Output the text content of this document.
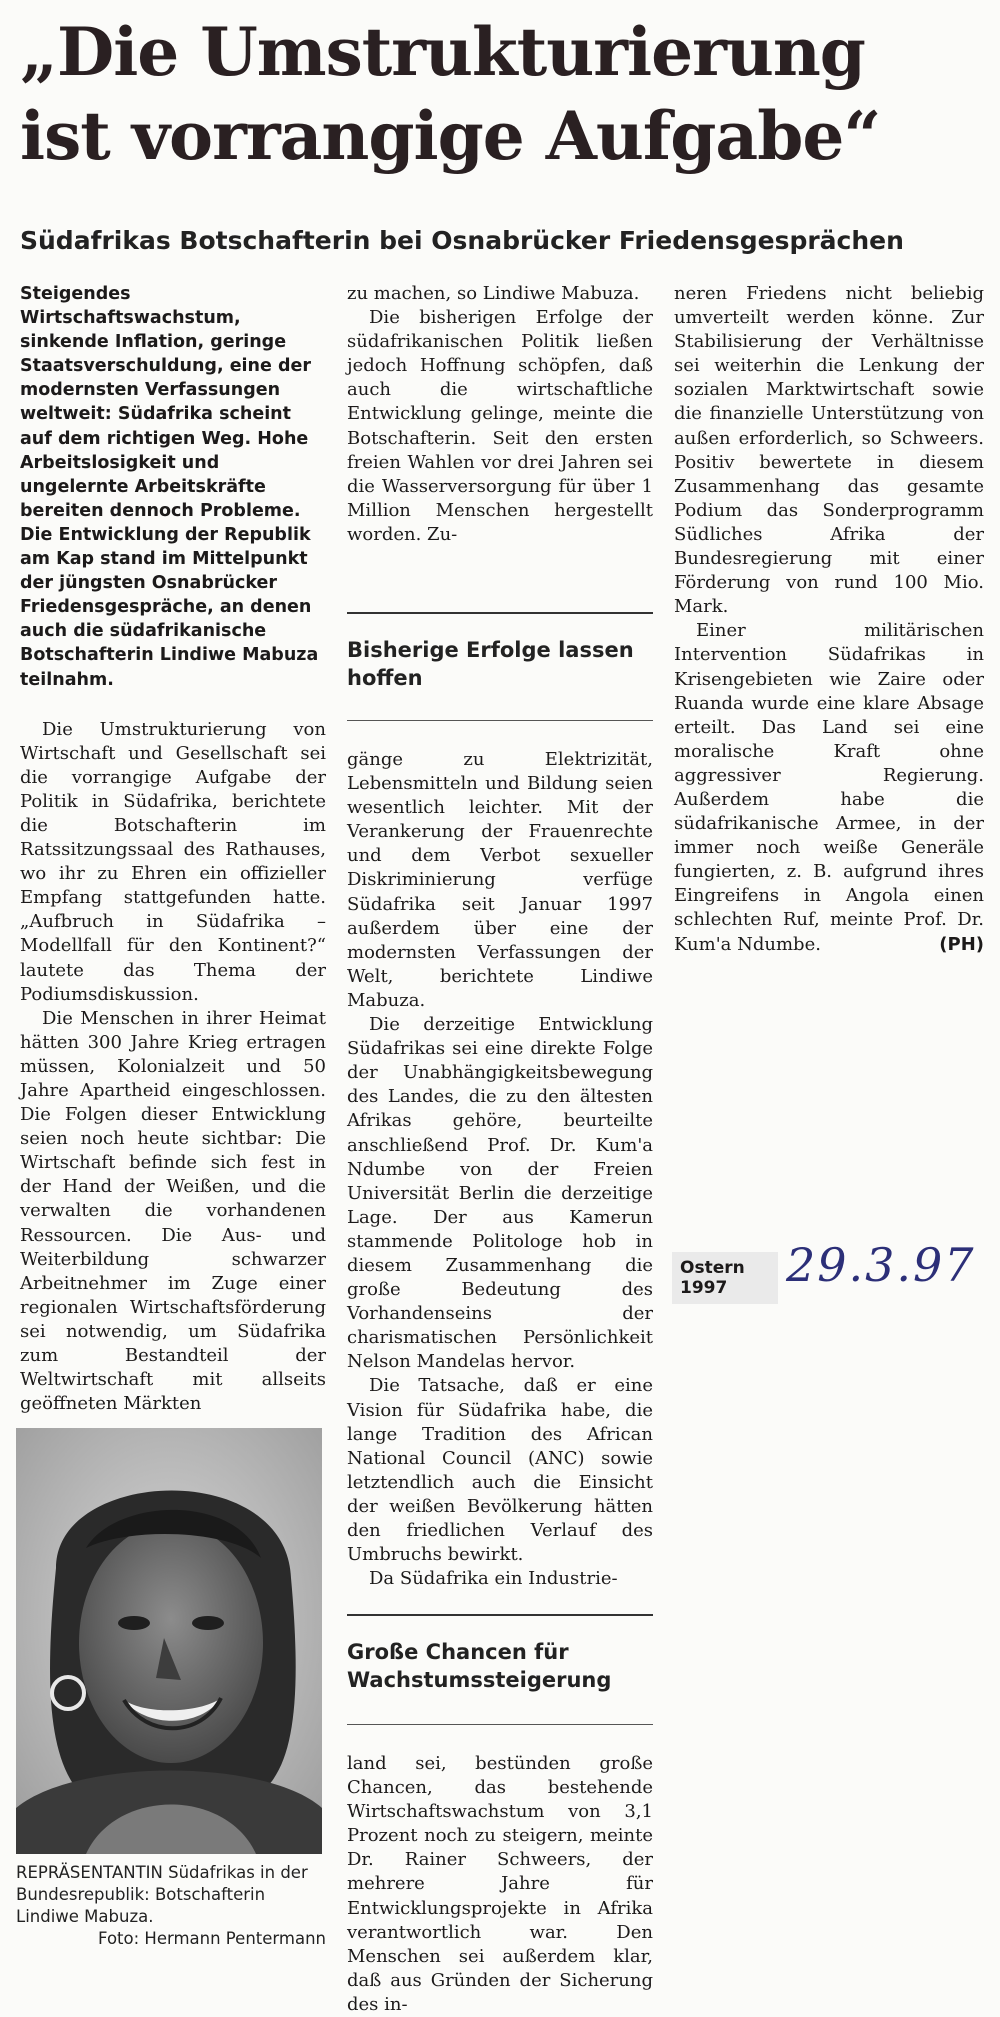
„Die Umstrukturierung
ist vorrangige Aufgabe“
Südafrikas Botschafterin bei Osnabrücker Friedensgesprächen

Steigendes Wirtschaftswachstum, sinkende Inflation, geringe Staatsverschuldung, eine der modernsten Verfassungen weltweit: Südafrika scheint auf dem richtigen Weg. Hohe Arbeitslosigkeit und ungelernte Arbeitskräfte bereiten dennoch Probleme. Die Entwicklung der Republik am Kap stand im Mittelpunkt der jüngsten Osnabrücker Friedensgespräche, an denen auch die südafrikanische Botschafterin Lindiwe Mabuza teilnahm.

Die Umstrukturierung von Wirtschaft und Gesellschaft sei die vorrangige Aufgabe der Politik in Südafrika, berichtete die Botschafterin im Ratssitzungssaal des Rathauses, wo ihr zu Ehren ein offizieller Empfang stattgefunden hatte. „Aufbruch in Südafrika – Modellfall für den Kontinent?“ lautete das Thema der Podiumsdiskussion.

Die Menschen in ihrer Heimat hätten 300 Jahre Krieg ertragen müssen, Kolonialzeit und 50 Jahre Apartheid eingeschlossen. Die Folgen dieser Entwicklung seien noch heute sichtbar: Die Wirtschaft befinde sich fest in der Hand der Weißen, und die verwalten die vorhandenen Ressourcen. Die Aus- und Weiterbildung schwarzer Arbeitnehmer im Zuge einer regionalen Wirtschaftsförderung sei notwendig, um Südafrika zum Bestandteil der Weltwirtschaft mit allseits geöffneten Märkten

REPRÄSENTANTIN Südafrikas in der Bundesrepublik: Botschafterin Lindiwe Mabuza.
Foto: Hermann Pentermann

zu machen, so Lindiwe Mabuza.

Die bisherigen Erfolge der südafrikanischen Politik ließen jedoch Hoffnung schöpfen, daß auch die wirtschaftliche Entwicklung gelinge, meinte die Botschafterin. Seit den ersten freien Wahlen vor drei Jahren sei die Wasserversorgung für über 1 Million Menschen hergestellt worden. Zu-

Bisherige Erfolge lassen hoffen

gänge zu Elektrizität, Lebensmitteln und Bildung seien wesentlich leichter. Mit der Verankerung der Frauenrechte und dem Verbot sexueller Diskriminierung verfüge Südafrika seit Januar 1997 außerdem über eine der modernsten Verfassungen der Welt, berichtete Lindiwe Mabuza.

Die derzeitige Entwicklung Südafrikas sei eine direkte Folge der Unabhängigkeitsbewegung des Landes, die zu den ältesten Afrikas gehöre, beurteilte anschließend Prof. Dr. Kum'a Ndumbe von der Freien Universität Berlin die derzeitige Lage. Der aus Kamerun stammende Politologe hob in diesem Zusammenhang die große Bedeutung des Vorhandenseins der charismatischen Persönlichkeit Nelson Mandelas hervor.

Die Tatsache, daß er eine Vision für Südafrika habe, die lange Tradition des African National Council (ANC) sowie letztendlich auch die Einsicht der weißen Bevölkerung hätten den friedlichen Verlauf des Umbruchs bewirkt.

Da Südafrika ein Industrie-

Große Chancen für Wachstumssteigerung

land sei, bestünden große Chancen, das bestehende Wirtschaftswachstum von 3,1 Prozent noch zu steigern, meinte Dr. Rainer Schweers, der mehrere Jahre für Entwicklungsprojekte in Afrika verantwortlich war. Den Menschen sei außerdem klar, daß aus Gründen der Sicherung des in-

neren Friedens nicht beliebig umverteilt werden könne. Zur Stabilisierung der Verhältnisse sei weiterhin die Lenkung der sozialen Marktwirtschaft sowie die finanzielle Unterstützung von außen erforderlich, so Schweers. Positiv bewertete in diesem Zusammenhang das gesamte Podium das Sonderprogramm Südliches Afrika der Bundesregierung mit einer Förderung von rund 100 Mio. Mark.

Einer militärischen Intervention Südafrikas in Krisengebieten wie Zaire oder Ruanda wurde eine klare Absage erteilt. Das Land sei eine moralische Kraft ohne aggressiver Regierung. Außerdem habe die südafrikanische Armee, in der immer noch weiße Generäle fungierten, z. B. aufgrund ihres Eingreifens in Angola einen schlechten Ruf, meinte Prof. Dr. Kum'a Ndumbe.	(PH)

Ostern
1997	29.3.97
